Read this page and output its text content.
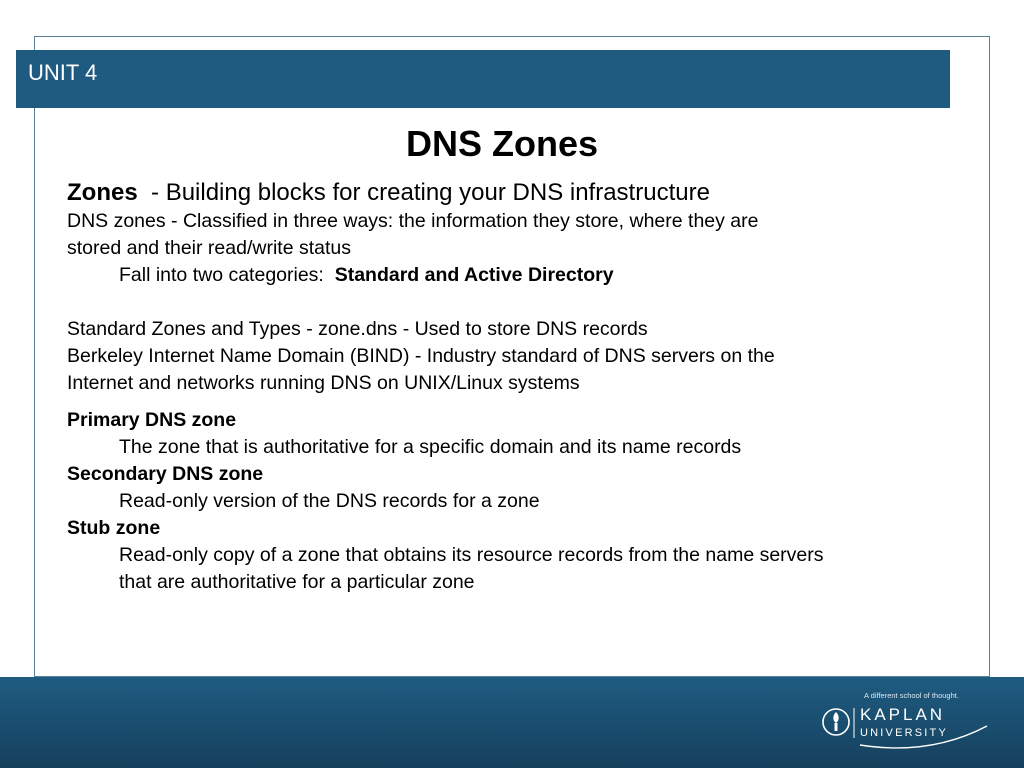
UNIT 4
DNS Zones
Zones - Building blocks for creating your DNS infrastructure
DNS zones - Classified in three ways: the information they store, where they are
stored and their read/write status
Fall into two categories: Standard and Active Directory
Standard Zones and Types - zone.dns - Used to store DNS records
Berkeley Internet Name Domain (BIND) - Industry standard of DNS servers on the
Internet and networks running DNS on UNIX/Linux systems
Primary DNS zone
The zone that is authoritative for a specific domain and its name records
Secondary DNS zone
Read-only version of the DNS records for a zone
Stub zone
Read-only copy of a zone that obtains its resource records from the name servers
that are authoritative for a particular zone
A different school of thought.
KAPLAN
UNIVERSITY
